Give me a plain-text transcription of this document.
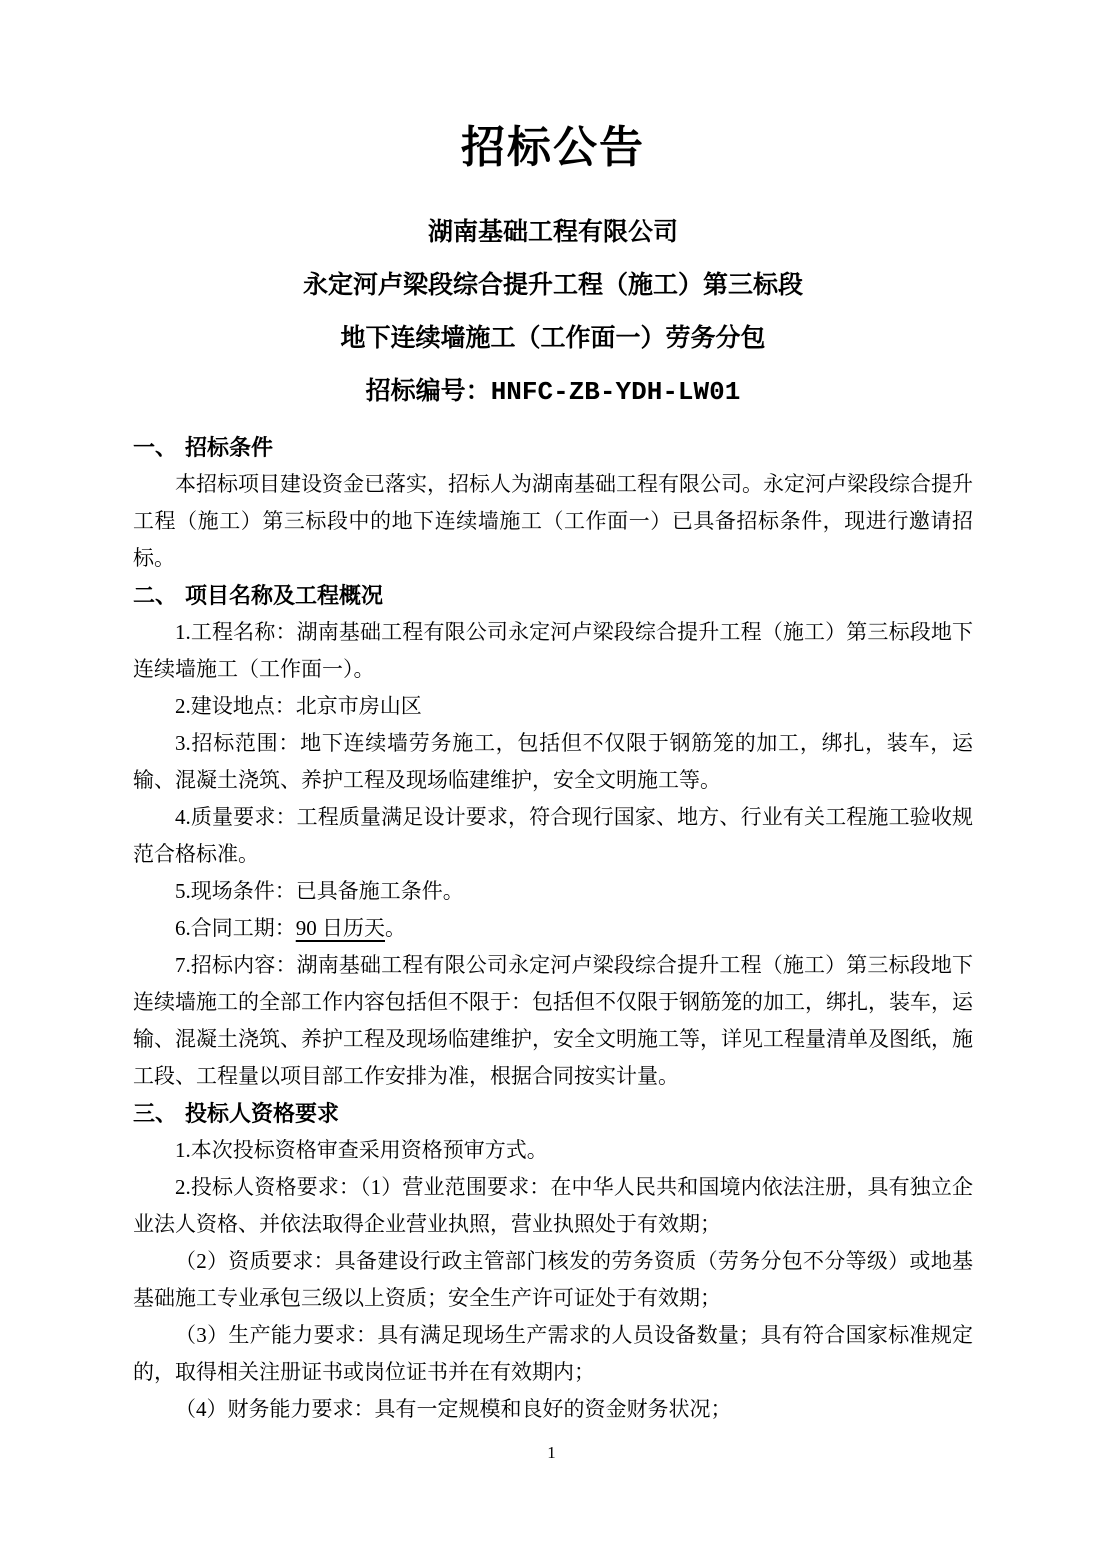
招标公告
湖南基础工程有限公司
永定河卢梁段综合提升工程（施工）第三标段
地下连续墙施工（工作面一）劳务分包
招标编号：HNFC-ZB-YDH-LW01
一、 招标条件

本招标项目建设资金已落实，招标人为湖南基础工程有限公司。永定河卢梁段综合提升工程（施工）第三标段中的地下连续墙施工（工作面一）已具备招标条件，现进行邀请招标。

二、 项目名称及工程概况

1.工程名称：湖南基础工程有限公司永定河卢梁段综合提升工程（施工）第三标段地下连续墙施工（工作面一）。

2.建设地点：北京市房山区

3.招标范围：地下连续墙劳务施工，包括但不仅限于钢筋笼的加工，绑扎，装车，运输、混凝土浇筑、养护工程及现场临建维护，安全文明施工等。

4.质量要求：工程质量满足设计要求，符合现行国家、地方、行业有关工程施工验收规范合格标准。

5.现场条件：已具备施工条件。

6.合同工期：90 日历天。

7.招标内容：湖南基础工程有限公司永定河卢梁段综合提升工程（施工）第三标段地下连续墙施工的全部工作内容包括但不限于：包括但不仅限于钢筋笼的加工，绑扎，装车，运输、混凝土浇筑、养护工程及现场临建维护，安全文明施工等，详见工程量清单及图纸，施工段、工程量以项目部工作安排为准，根据合同按实计量。

三、 投标人资格要求

1.本次投标资格审查采用资格预审方式。

2.投标人资格要求：（1）营业范围要求：在中华人民共和国境内依法注册，具有独立企业法人资格、并依法取得企业营业执照，营业执照处于有效期；

（2）资质要求：具备建设行政主管部门核发的劳务资质（劳务分包不分等级）或地基基础施工专业承包三级以上资质；安全生产许可证处于有效期；

（3）生产能力要求：具有满足现场生产需求的人员设备数量；具有符合国家标准规定的，取得相关注册证书或岗位证书并在有效期内；

（4）财务能力要求：具有一定规模和良好的资金财务状况；

1
